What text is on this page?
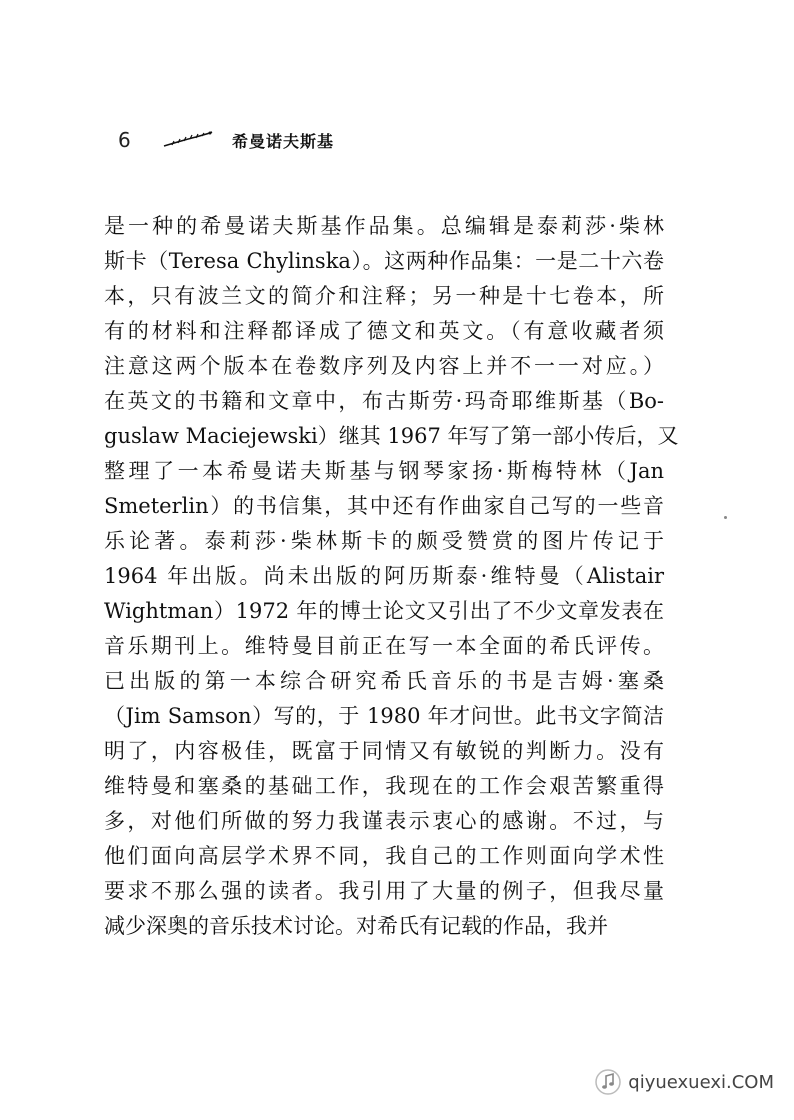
6	希曼诺夫斯基
是一种的希曼诺夫斯基作品集。总编辑是泰莉莎·柴林
斯卡（Teresa Chylinska）。这两种作品集：一是二十六卷
本，只有波兰文的简介和注释；另一种是十七卷本，所
有的材料和注释都译成了德文和英文。（有意收藏者须
注意这两个版本在卷数序列及内容上并不一一对应。）
在英文的书籍和文章中，布古斯劳·玛奇耶维斯基（Bo-
guslaw Maciejewski）继其 1967 年写了第一部小传后，又
整理了一本希曼诺夫斯基与钢琴家扬·斯梅特林（Jan
Smeterlin）的书信集，其中还有作曲家自己写的一些音
乐论著。泰莉莎·柴林斯卡的颇受赞赏的图片传记于
1964 年出版。尚未出版的阿历斯泰·维特曼（Alistair
Wightman）1972 年的博士论文又引出了不少文章发表在
音乐期刊上。维特曼目前正在写一本全面的希氏评传。
已出版的第一本综合研究希氏音乐的书是吉姆·塞桑
（Jim Samson）写的，于 1980 年才问世。此书文字简洁
明了，内容极佳，既富于同情又有敏锐的判断力。没有
维特曼和塞桑的基础工作，我现在的工作会艰苦繁重得
多，对他们所做的努力我谨表示衷心的感谢。不过，与
他们面向高层学术界不同，我自己的工作则面向学术性
要求不那么强的读者。我引用了大量的例子，但我尽量
减少深奥的音乐技术讨论。对希氏有记载的作品，我并
qiyuexuexi.COM
